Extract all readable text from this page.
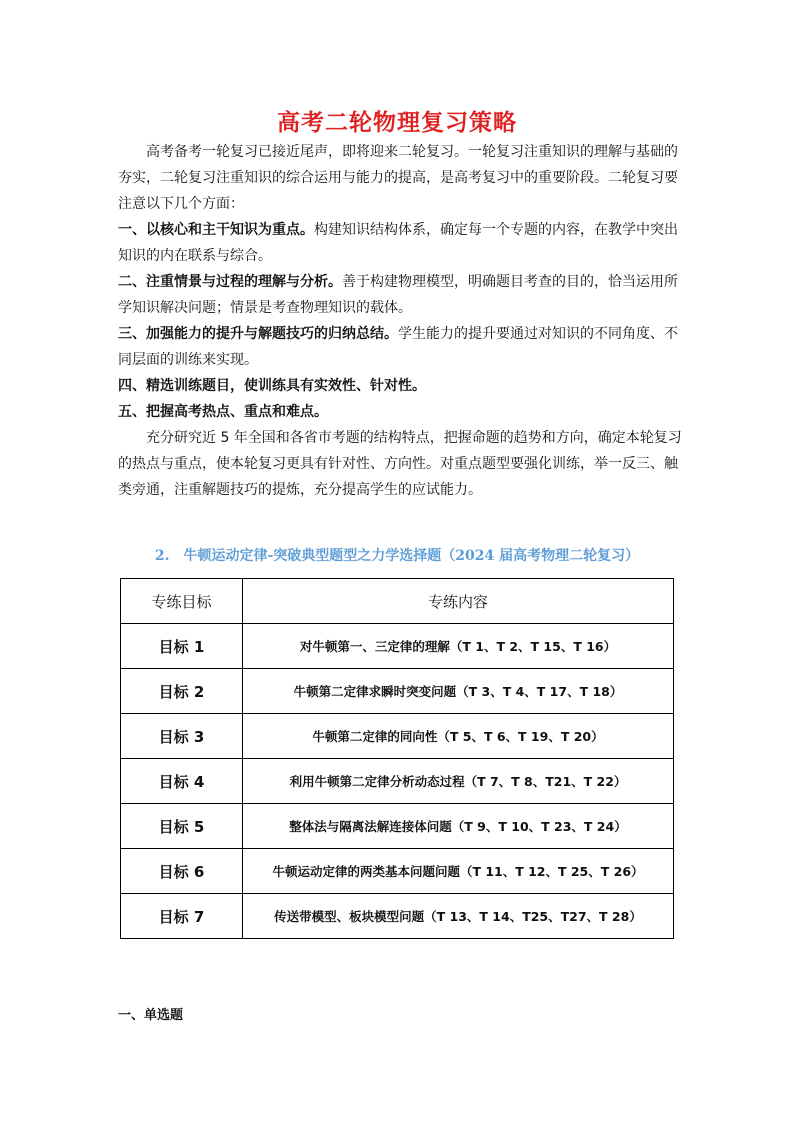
高考二轮物理复习策略

高考备考一轮复习已接近尾声，即将迎来二轮复习。一轮复习注重知识的理解与基础的夯实，二轮复习注重知识的综合运用与能力的提高，是高考复习中的重要阶段。二轮复习要注意以下几个方面：

一、以核心和主干知识为重点。构建知识结构体系，确定每一个专题的内容，在教学中突出知识的内在联系与综合。

二、注重情景与过程的理解与分析。善于构建物理模型，明确题目考查的目的，恰当运用所学知识解决问题；情景是考查物理知识的载体。

三、加强能力的提升与解题技巧的归纳总结。学生能力的提升要通过对知识的不同角度、不同层面的训练来实现。

四、精选训练题目，使训练具有实效性、针对性。

五、把握高考热点、重点和难点。

充分研究近 5 年全国和各省市考题的结构特点，把握命题的趋势和方向，确定本轮复习的热点与重点，使本轮复习更具有针对性、方向性。对重点题型要强化训练，举一反三、触类旁通，注重解题技巧的提炼，充分提高学生的应试能力。

2.　牛顿运动定律-突破典型题型之力学选择题（2024 届高考物理二轮复习）
专练目标	专练内容
目标 1	对牛顿第一、三定律的理解（T 1、T 2、T 15、T 16）
目标 2	牛顿第二定律求瞬时突变问题（T 3、T 4、T 17、T 18）
目标 3	牛顿第二定律的同向性（T 5、T 6、T 19、T 20）
目标 4	利用牛顿第二定律分析动态过程（T 7、T 8、T21、T 22）
目标 5	整体法与隔离法解连接体问题（T 9、T 10、T 23、T 24）
目标 6	牛顿运动定律的两类基本问题问题（T 11、T 12、T 25、T 26）
目标 7	传送带模型、板块模型问题（T 13、T 14、T25、T27、T 28）
一、单选题
